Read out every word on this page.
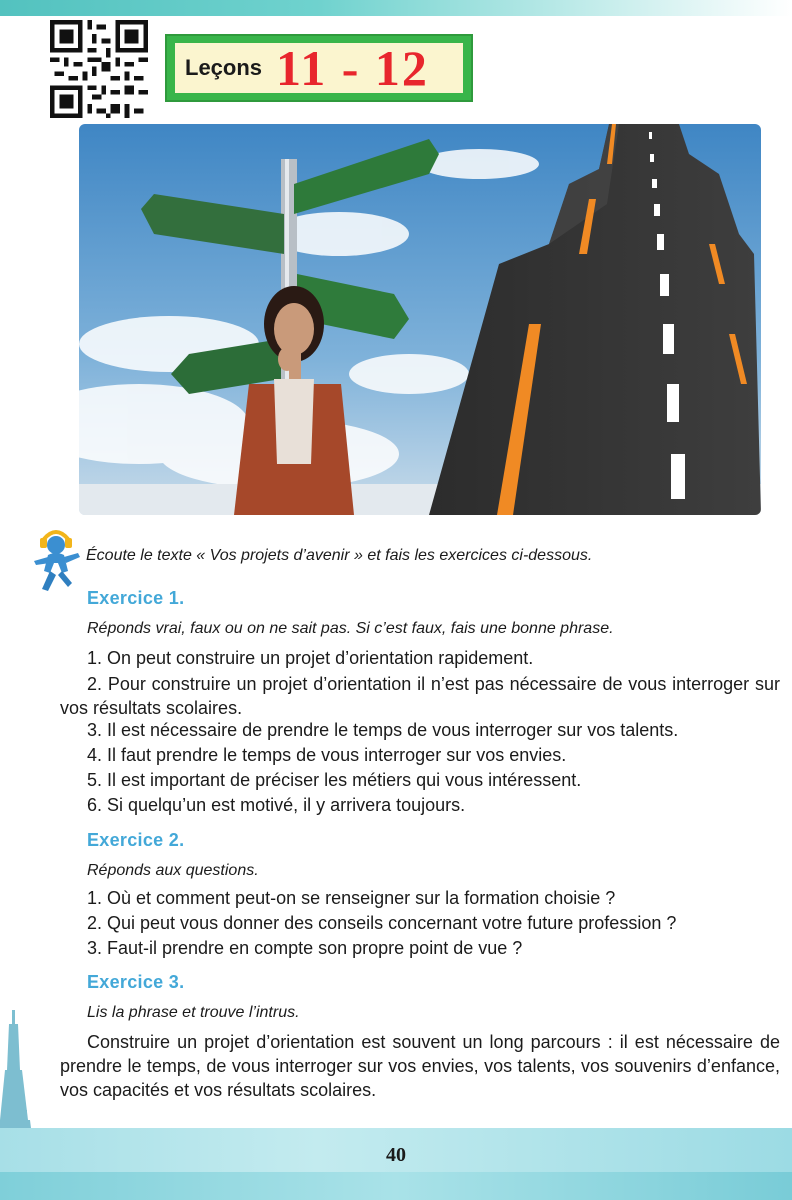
Leçons 11 - 12
Écoute le texte « Vos projets d’avenir » et fais les exercices ci-dessous.
Exercice 1.
Réponds vrai, faux ou on ne sait pas. Si c’est faux, fais une bonne phrase.
1. On peut construire un projet d’orientation rapidement.

2. Pour construire un projet d’orientation il n’est pas nécessaire de vous interroger sur vos résultats scolaires.

3. Il est nécessaire de prendre le temps de vous interroger sur vos talents.
4. Il faut prendre le temps de vous interroger sur vos envies.
5. Il est important de préciser les métiers qui vous intéressent.
6. Si quelqu’un est motivé, il y arrivera toujours.
Exercice 2.
Réponds aux questions.
1. Où et comment peut-on se renseigner sur la formation choisie ?
2. Qui peut vous donner des conseils concernant votre future profession ?
3. Faut-il prendre en compte son propre point de vue ?
Exercice 3.
Lis la phrase et trouve l’intrus.

Construire un projet d’orientation est souvent un long parcours : il est nécessaire de prendre le temps, de vous interroger sur vos envies, vos talents, vos souvenirs d’enfance, vos capacités et vos résultats scolaires.

40
